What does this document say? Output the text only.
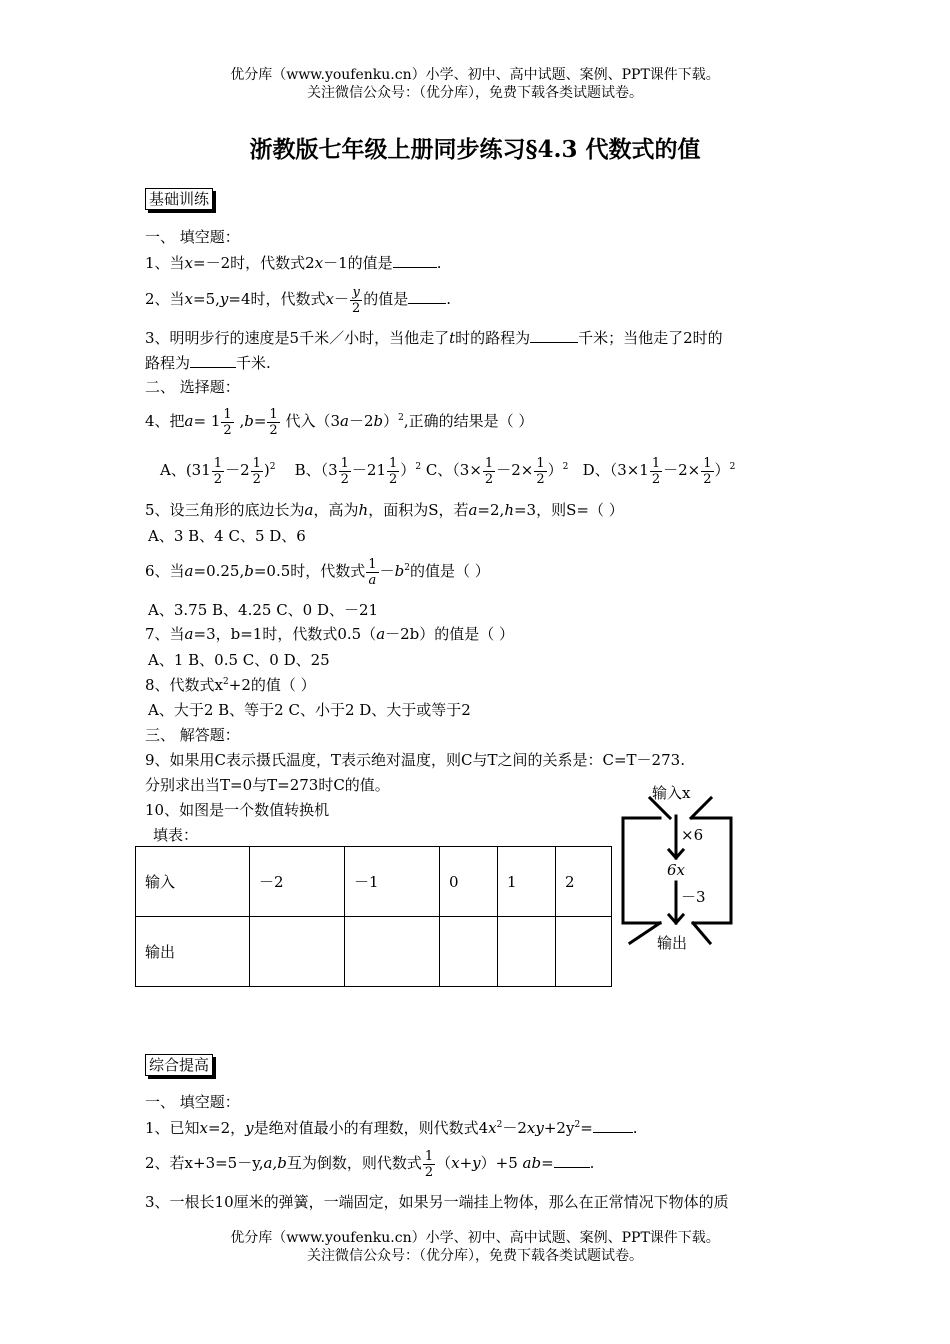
优分库（www.youfenku.cn）小学、初中、高中试题、案例、PPT课件下载。
关注微信公众号：（优分库），免费下载各类试题试卷。
浙教版七年级上册同步练习§4.3 代数式的值
基础训练
一、 填空题：
1、当x=－2时，代数式2x－1的值是	.
2、当x=5,y=4时，代数式$x- \frac{y}{2}$ 的值是	.
3、明明步行的速度是5千米／小时，当他走了t时的路程为	千米；当他走了2时的
路程为	千米.
二、 选择题：
4、把$a= 1 \frac{1}{2} ,b= \frac{1}{2}$ 代入$(3a-2b)^2$,正确的结果是（ ）
A、$(31 \frac{1}{2} -2 \frac{1}{2} )^2$ B、$(3 \frac{1}{2} -21 \frac{1}{2} )^2$ C、$(3\times \frac{1}{2} -2\times \frac{1}{2} )^2$ D、$(3\times 1 \frac{1}{2} -2\times \frac{1}{2} )^2$
5、设三角形的底边长为a，高为h，面积为S，若a=2,h=3，则S=（ ）
A、3 B、4 C、5 D、6
6、当a=0.25,b=0.5时，代数式 $\frac{1}{a} -b^2$的值是（ ）
A、3.75 B、4.25 C、0 D、－21
7、当a=3，b=1时，代数式0.5（a－2b）的值是（ ）
A、1 B、0.5 C、0 D、25
8、代数式$x^2+2$的值（ ）
A、大于2 B、等于2 C、小于2 D、大于或等于2
三、 解答题：
9、如果用C表示摄氏温度，T表示绝对温度，则C与T之间的关系是：C=T－273.
分别求出当T=0与T=273时C的值。
10、如图是一个数值转换机
填表：
输入	－2	－1	0	1	2
输出					
输入x
×6
6x
－3
输出
综合提高
一、 填空题：
1、已知x=2，y是绝对值最小的有理数，则代数式$4x^2-2xy+2y^2=$	.
2、若x+3=5－y,a,b互为倒数，则代数式 $\frac{1}{2} (x+y)+5$ ab= .
3、一根长10厘米的弹簧，一端固定，如果另一端挂上物体，那么在正常情况下物体的质
优分库（www.youfenku.cn）小学、初中、高中试题、案例、PPT课件下载。
关注微信公众号：（优分库），免费下载各类试题试卷。
